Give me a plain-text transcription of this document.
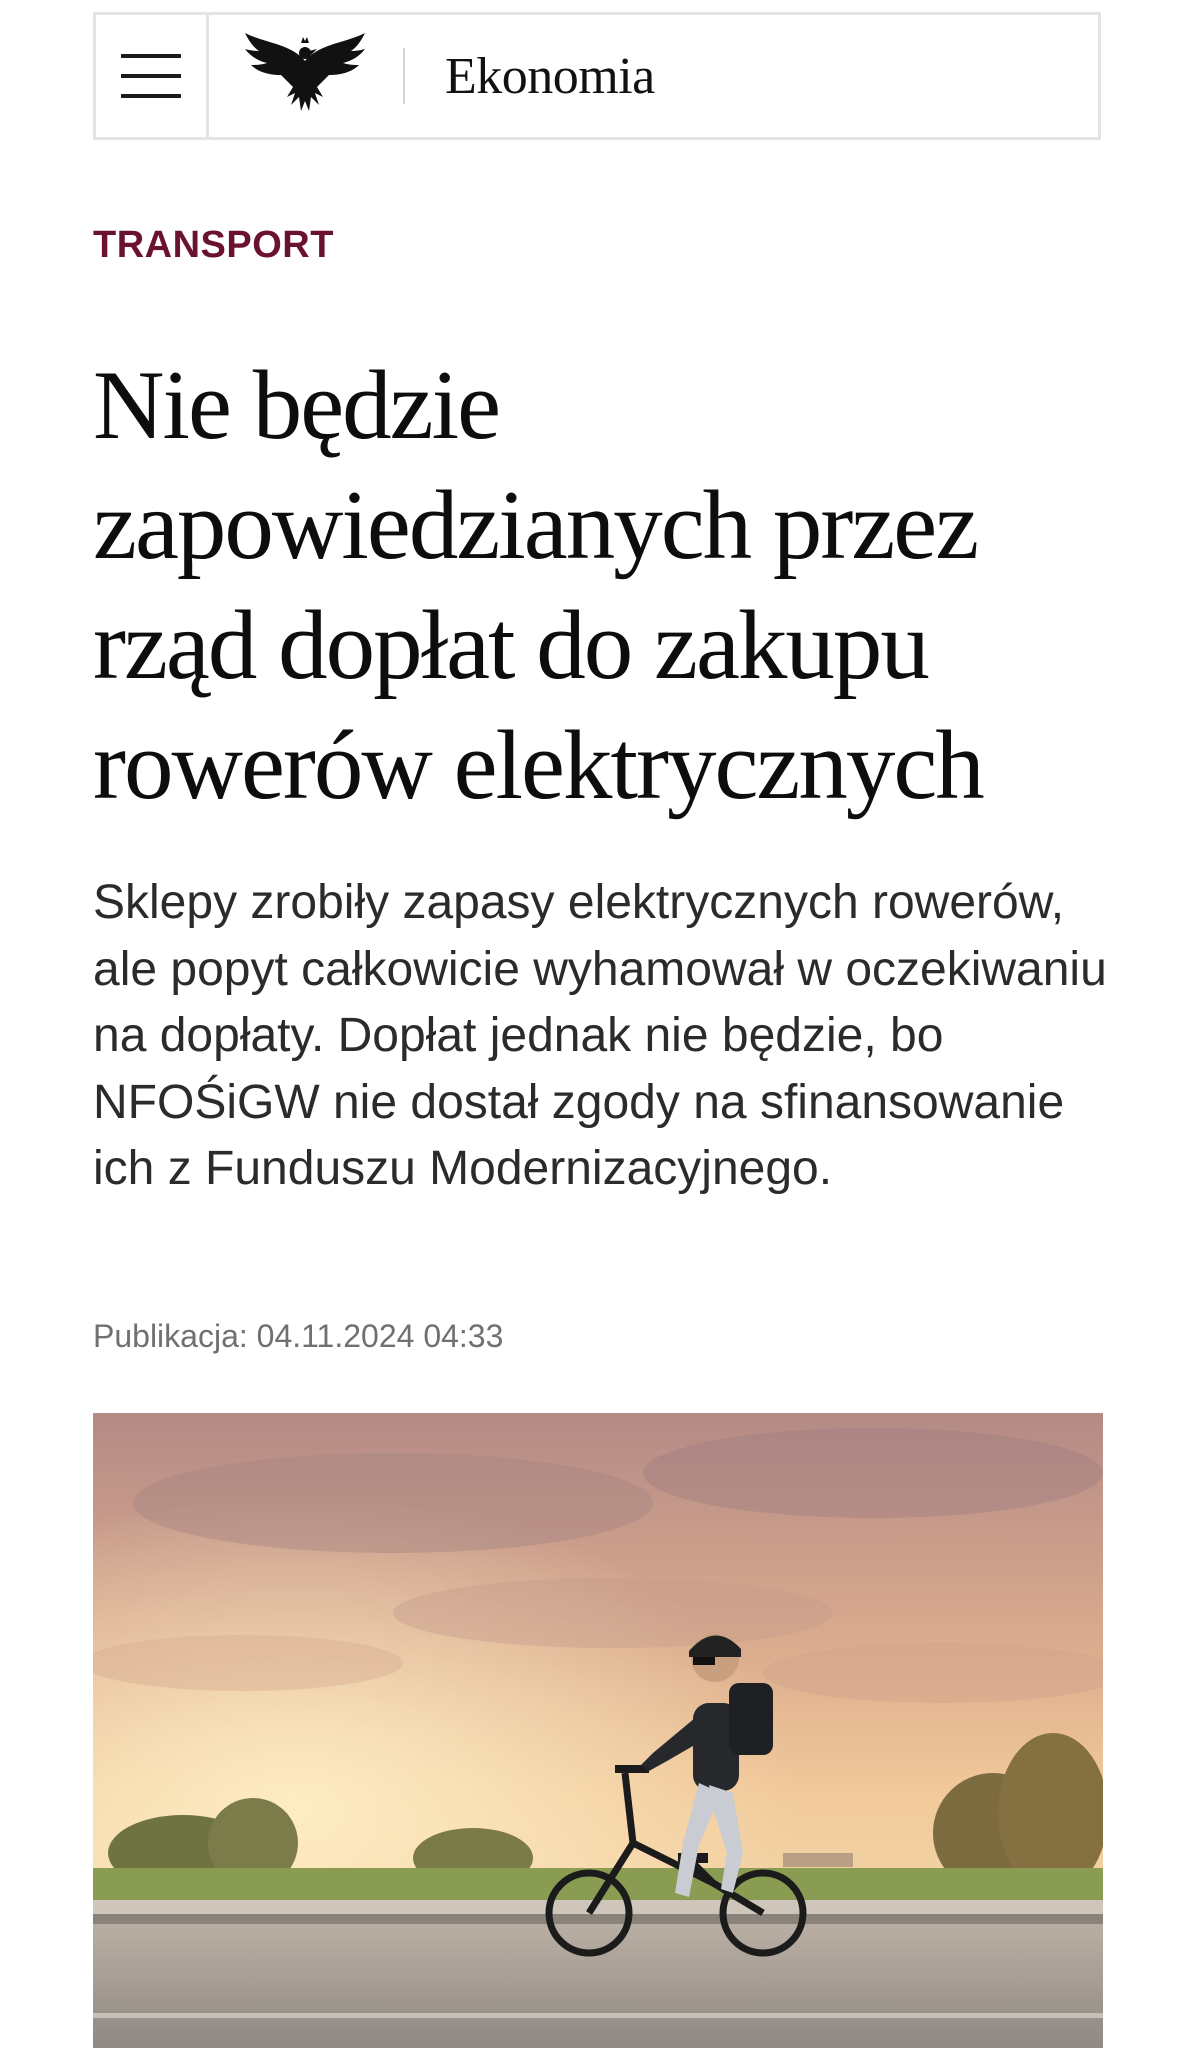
Ekonomia
TRANSPORT
Nie będzie zapowiedzianych przez rząd dopłat do zakupu rowerów elektrycznych

Sklepy zrobiły zapasy elektrycznych rowerów, ale popyt całkowicie wyhamował w oczekiwaniu na dopłaty. Dopłat jednak nie będzie, bo NFOŚiGW nie dostał zgody na sfinansowanie ich z Funduszu Modernizacyjnego.

Publikacja: 04.11.2024 04:33
